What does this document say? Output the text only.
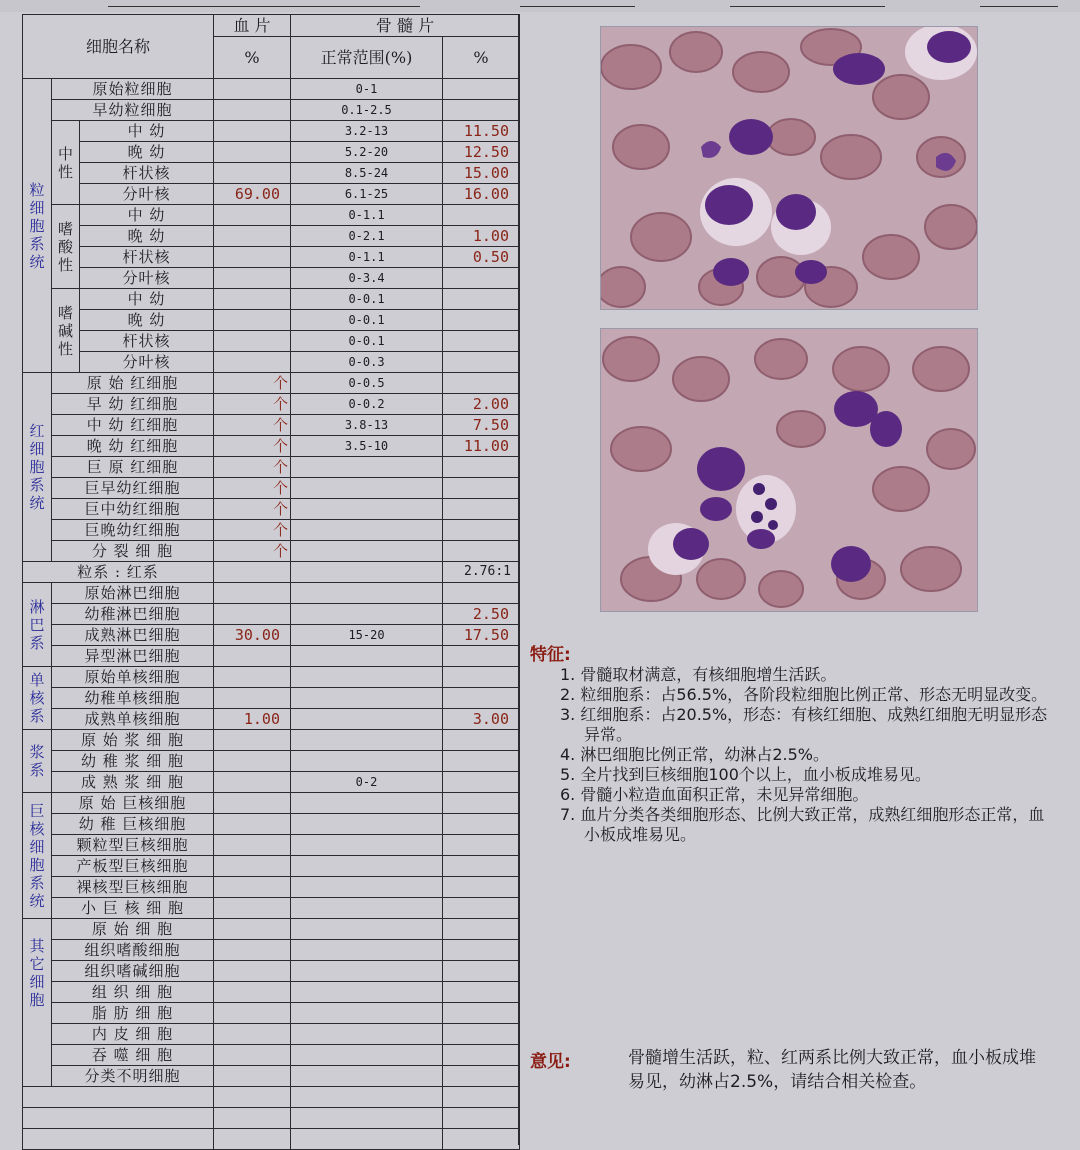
细胞名称			血 片	骨 髓 片	
			%	正常范围(%)	%
粒细胞系统	原始粒细胞			0-1	
	早幼粒细胞			0.1-2.5	
	中性	中 幼		3.2-13	11.50
		晚 幼		5.2-20	12.50
		杆状核		8.5-24	15.00
		分叶核	69.00	6.1-25	16.00
	嗜酸性	中 幼		0-1.1	
		晚 幼		0-2.1	1.00
		杆状核		0-1.1	0.50
		分叶核		0-3.4	
	嗜碱性	中 幼		0-0.1	
		晚 幼		0-0.1	
		杆状核		0-0.1	
		分叶核		0-0.3	
红细胞系统	原 始 红细胞		个	0-0.5	
	早 幼 红细胞		个	0-0.2	2.00
	中 幼 红细胞		个	3.8-13	7.50
	晚 幼 红细胞		个	3.5-10	11.00
	巨 原 红细胞		个		
	巨早幼红细胞		个		
	巨中幼红细胞		个		
	巨晚幼红细胞		个		
	分 裂 细 胞		个		
粒系 : 红系					2.76:1
淋巴系	原始淋巴细胞				
	幼稚淋巴细胞				2.50
	成熟淋巴细胞		30.00	15-20	17.50
	异型淋巴细胞				
单核系	原始单核细胞				
	幼稚单核细胞				
	成熟单核细胞		1.00		3.00
浆系	原 始 浆 细 胞				
	幼 稚 浆 细 胞				
	成 熟 浆 细 胞			0-2	
巨核细胞系统	原 始 巨核细胞				
	幼 稚 巨核细胞				
	颗粒型巨核细胞				
	产板型巨核细胞				
	裸核型巨核细胞				
	小 巨 核 细 胞				
其它细胞	原 始 细 胞				
	组织嗜酸细胞				
	组织嗜碱细胞				
	组 织 细 胞				
	脂 肪 细 胞				
	内 皮 细 胞				
	吞 噬 细 胞				
	分类不明细胞				

特征:
1. 骨髓取材满意，有核细胞增生活跃。
2. 粒细胞系：占56.5%，各阶段粒细胞比例正常、形态无明显改变。
3. 红细胞系：占20.5%，形态：有核红细胞、成熟红细胞无明显形态异常。
4. 淋巴细胞比例正常，幼淋占2.5%。
5. 全片找到巨核细胞100个以上，血小板成堆易见。
6. 骨髓小粒造血面积正常，未见异常细胞。
7. 血片分类各类细胞形态、比例大致正常，成熟红细胞形态正常，血小板成堆易见。
意见:	骨髓增生活跃，粒、红两系比例大致正常，血小板成堆易见，幼淋占2.5%，请结合相关检查。
